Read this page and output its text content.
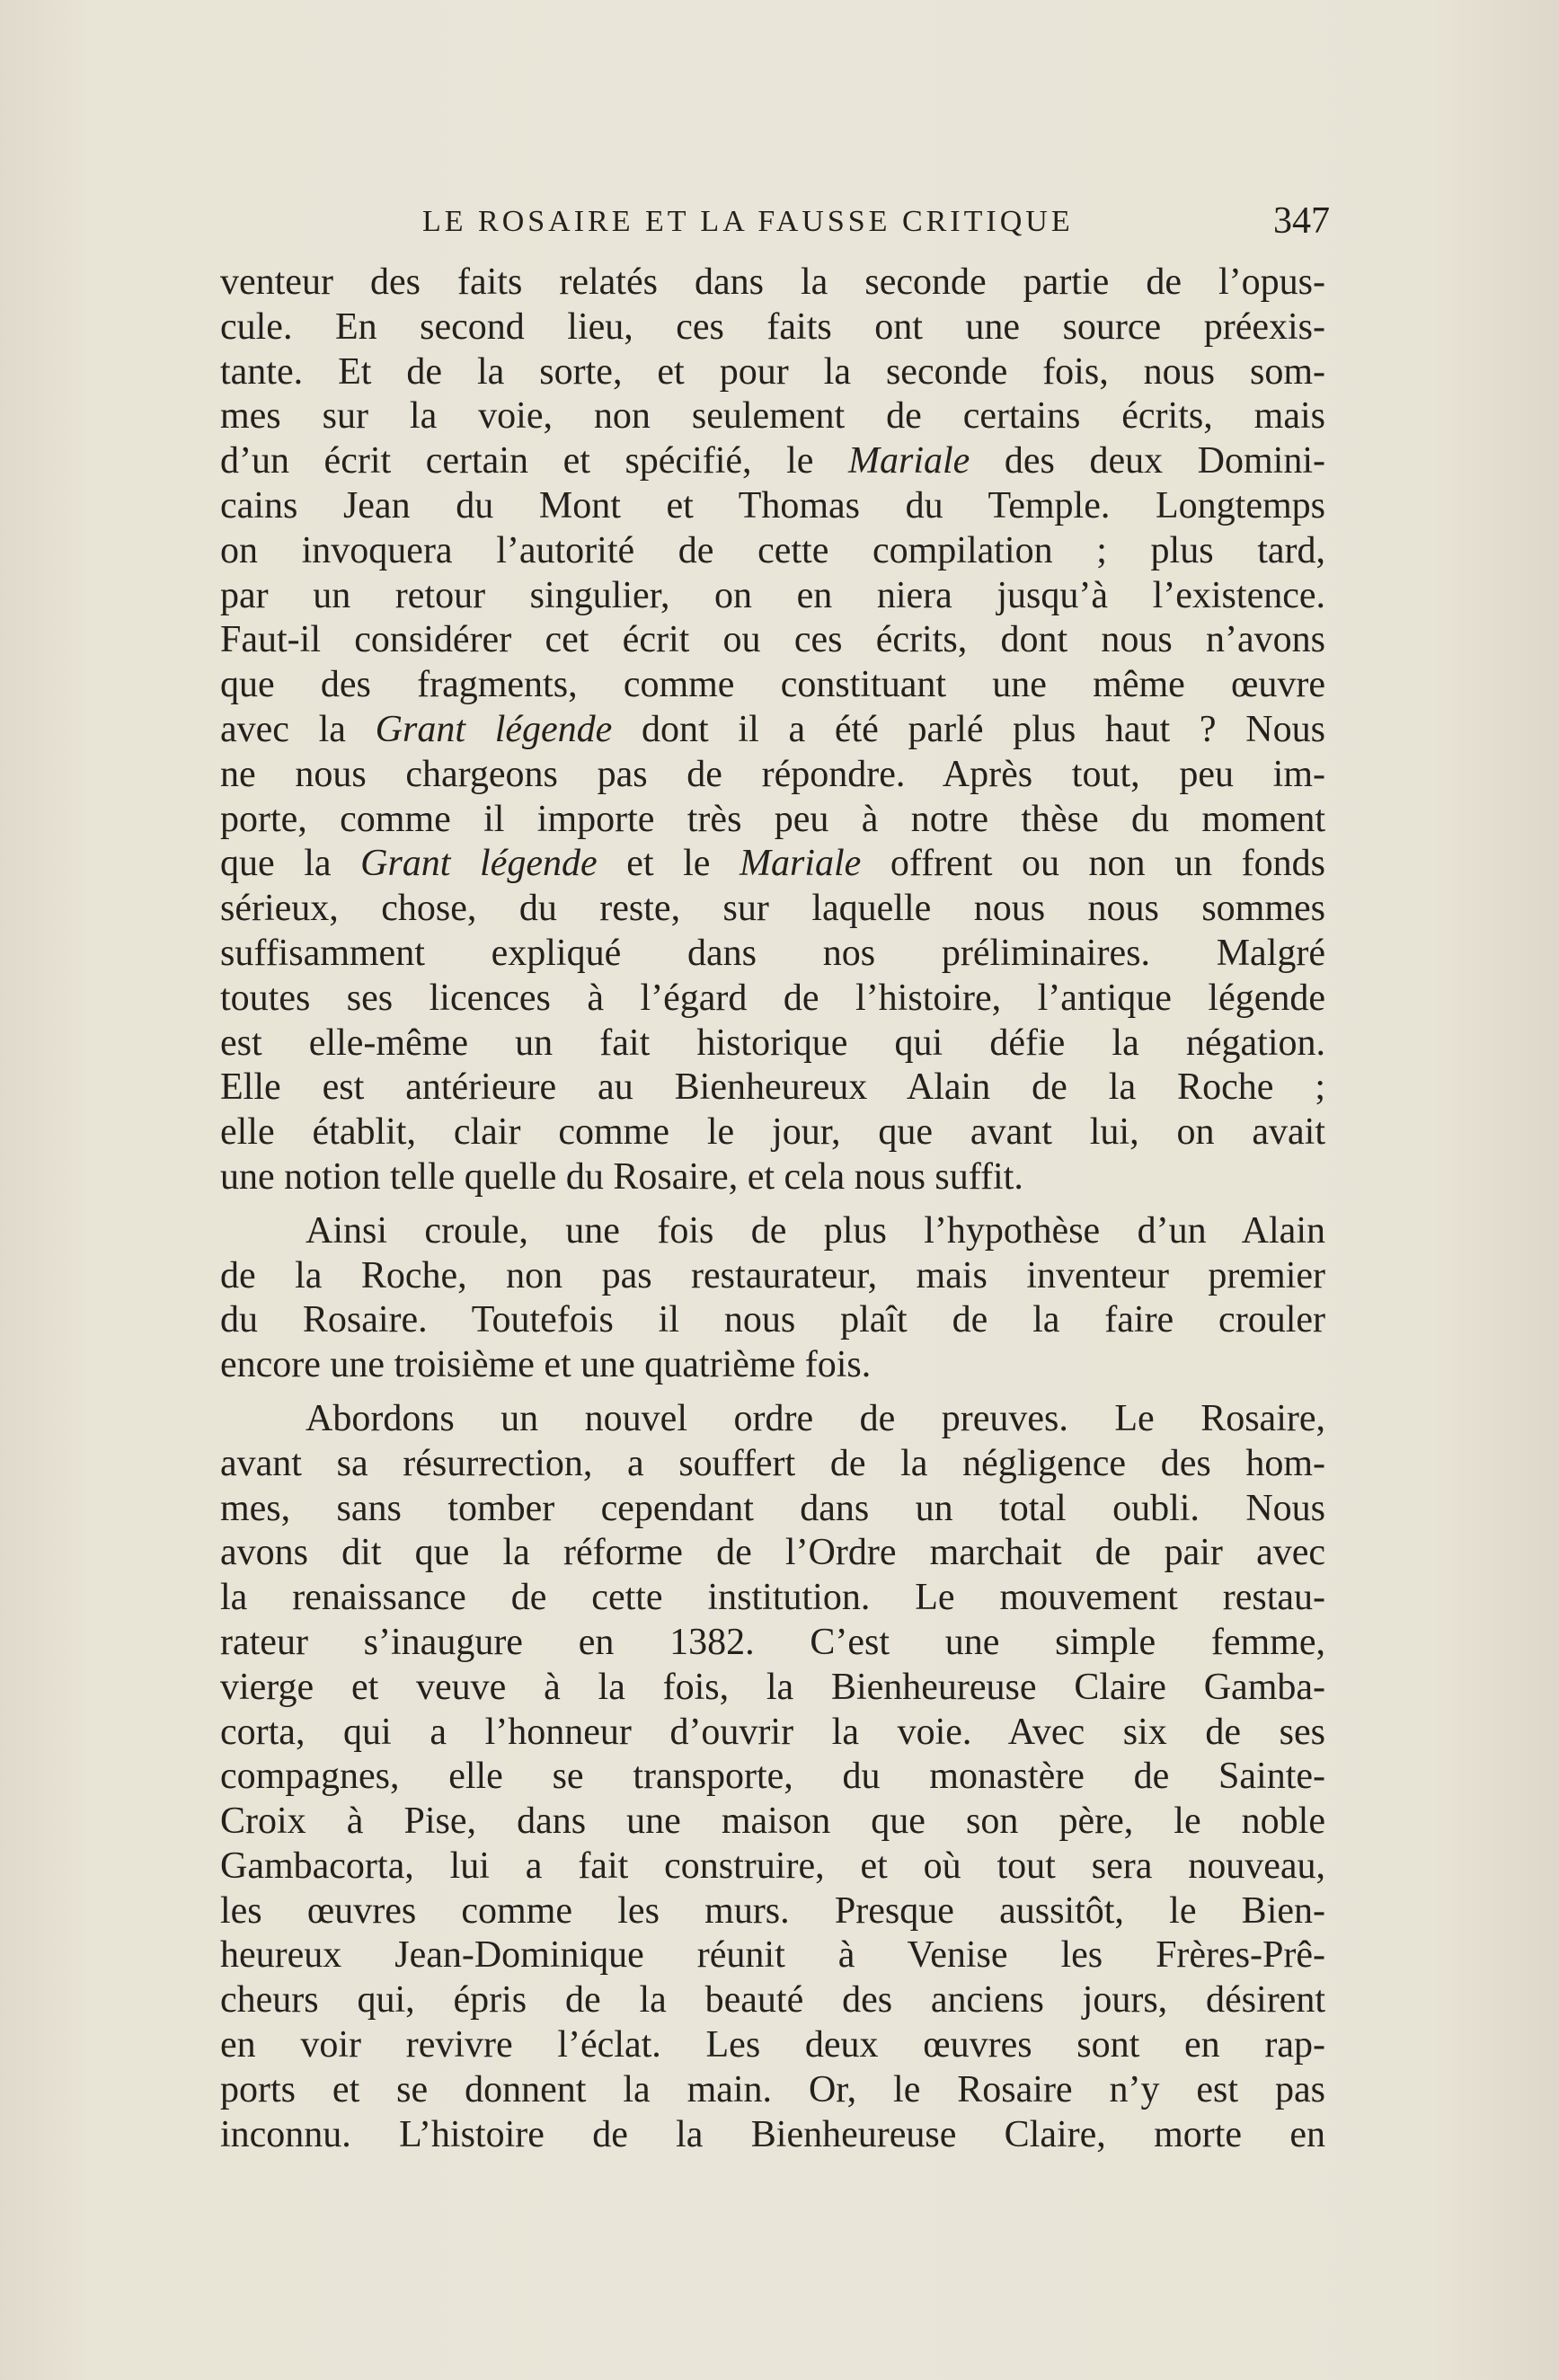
LE ROSAIRE ET LA FAUSSE CRITIQUE	347
venteur des faits relatés dans la seconde partie de l’opus-
cule. En second lieu, ces faits ont une source préexis-
tante. Et de la sorte, et pour la seconde fois, nous som-
mes sur la voie, non seulement de certains écrits, mais
d’un écrit certain et spécifié, le Mariale des deux Domini-
cains Jean du Mont et Thomas du Temple. Longtemps
on invoquera l’autorité de cette compilation ; plus tard,
par un retour singulier, on en niera jusqu’à l’existence.
Faut-il considérer cet écrit ou ces écrits, dont nous n’avons
que des fragments, comme constituant une même œuvre
avec la Grant légende dont il a été parlé plus haut ? Nous
ne nous chargeons pas de répondre. Après tout, peu im-
porte, comme il importe très peu à notre thèse du moment
que la Grant légende et le Mariale offrent ou non un fonds
sérieux, chose, du reste, sur laquelle nous nous sommes
suffisamment expliqué dans nos préliminaires. Malgré
toutes ses licences à l’égard de l’histoire, l’antique légende
est elle-même un fait historique qui défie la négation.
Elle est antérieure au Bienheureux Alain de la Roche ;
elle établit, clair comme le jour, que avant lui, on avait
une notion telle quelle du Rosaire, et cela nous suffit.
Ainsi croule, une fois de plus l’hypothèse d’un Alain
de la Roche, non pas restaurateur, mais inventeur premier
du Rosaire. Toutefois il nous plaît de la faire crouler
encore une troisième et une quatrième fois.
Abordons un nouvel ordre de preuves. Le Rosaire,
avant sa résurrection, a souffert de la négligence des hom-
mes, sans tomber cependant dans un total oubli. Nous
avons dit que la réforme de l’Ordre marchait de pair avec
la renaissance de cette institution. Le mouvement restau-
rateur s’inaugure en 1382. C’est une simple femme,
vierge et veuve à la fois, la Bienheureuse Claire Gamba-
corta, qui a l’honneur d’ouvrir la voie. Avec six de ses
compagnes, elle se transporte, du monastère de Sainte-
Croix à Pise, dans une maison que son père, le noble
Gambacorta, lui a fait construire, et où tout sera nouveau,
les œuvres comme les murs. Presque aussitôt, le Bien-
heureux Jean-Dominique réunit à Venise les Frères-Prê-
cheurs qui, épris de la beauté des anciens jours, désirent
en voir revivre l’éclat. Les deux œuvres sont en rap-
ports et se donnent la main. Or, le Rosaire n’y est pas
inconnu. L’histoire de la Bienheureuse Claire, morte en
